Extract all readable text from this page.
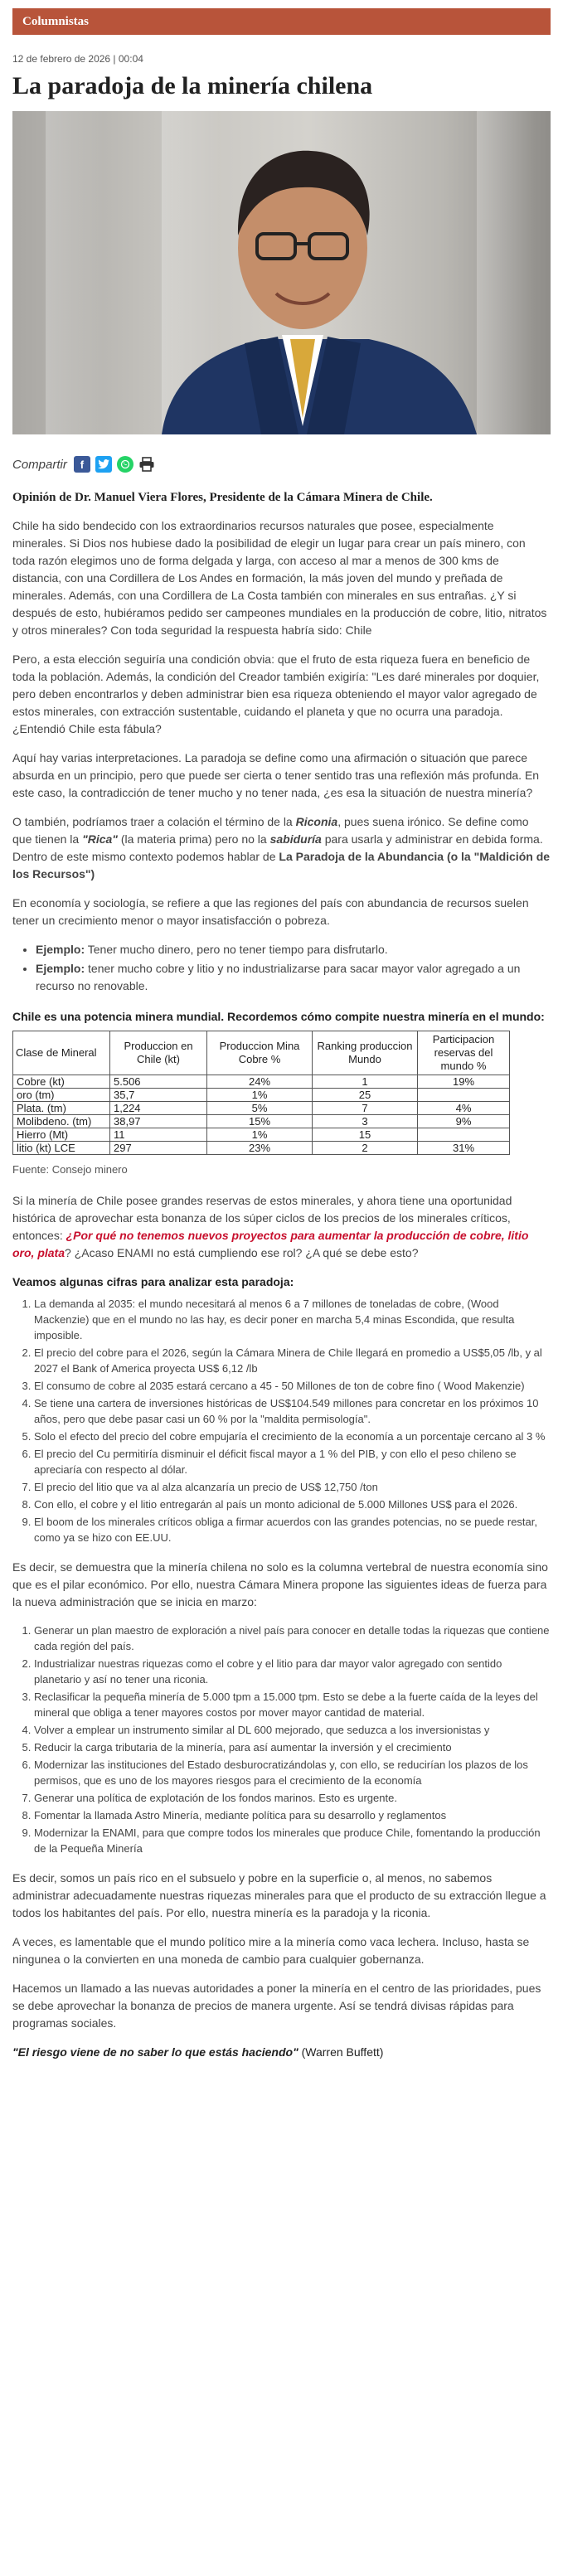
Columnistas
12 de febrero de 2026 | 00:04
La paradoja de la minería chilena
Compartir	f

Opinión de Dr. Manuel Viera Flores, Presidente de la Cámara Minera de Chile.

Chile ha sido bendecido con los extraordinarios recursos naturales que posee, especialmente minerales. Si Dios nos hubiese dado la posibilidad de elegir un lugar para crear un país minero, con toda razón elegimos uno de forma delgada y larga, con acceso al mar a menos de 300 kms de distancia, con una Cordillera de Los Andes en formación, la más joven del mundo y preñada de minerales. Además, con una Cordillera de La Costa también con minerales en sus entrañas. ¿Y si después de esto, hubiéramos pedido ser campeones mundiales en la producción de cobre, litio, nitratos y otros minerales? Con toda seguridad la respuesta habría sido: Chile

Pero, a esta elección seguiría una condición obvia: que el fruto de esta riqueza fuera en beneficio de toda la población. Además, la condición del Creador también exigiría: "Les daré minerales por doquier, pero deben encontrarlos y deben administrar bien esa riqueza obteniendo el mayor valor agregado de estos minerales, con extracción sustentable, cuidando el planeta y que no ocurra una paradoja. ¿Entendió Chile esta fábula?

Aquí hay varias interpretaciones. La paradoja se define como una afirmación o situación que parece absurda en un principio, pero que puede ser cierta o tener sentido tras una reflexión más profunda. En este caso, la contradicción de tener mucho y no tener nada, ¿es esa la situación de nuestra minería?

O también, podríamos traer a colación el término de la Riconia, pues suena irónico. Se define como que tienen la "Rica" (la materia prima) pero no la sabiduría para usarla y administrar en debida forma. Dentro de este mismo contexto podemos hablar de La Paradoja de la Abundancia (o la "Maldición de los Recursos")

En economía y sociología, se refiere a que las regiones del país con abundancia de recursos suelen tener un crecimiento menor o mayor insatisfacción o pobreza.

• Ejemplo: Tener mucho dinero, pero no tener tiempo para disfrutarlo.
• Ejemplo: tener mucho cobre y litio y no industrializarse para sacar mayor valor agregado a un recurso no renovable.
Chile es una potencia minera mundial. Recordemos cómo compite nuestra minería en el mundo:
Clase de Mineral	Produccion en Chile (kt)	Produccion Mina Cobre %	Ranking produccion Mundo	Participacion reservas del mundo %
Cobre (kt)	5.506	24%	1	19%
oro (tm)	35,7	1%	25	
Plata. (tm)	1,224	5%	7	4%
Molibdeno. (tm)	38,97	15%	3	9%
Hierro (Mt)	11	1%	15	
litio (kt) LCE	297	23%	2	31%
Fuente: Consejo minero

Si la minería de Chile posee grandes reservas de estos minerales, y ahora tiene una oportunidad histórica de aprovechar esta bonanza de los súper ciclos de los precios de los minerales críticos, entonces: ¿Por qué no tenemos nuevos proyectos para aumentar la producción de cobre, litio oro, plata? ¿Acaso ENAMI no está cumpliendo ese rol? ¿A qué se debe esto?

Veamos algunas cifras para analizar esta paradoja:
1. La demanda al 2035: el mundo necesitará al menos 6 a 7 millones de toneladas de cobre, (Wood Mackenzie) que en el mundo no las hay, es decir poner en marcha 5,4 minas Escondida, que resulta imposible.
2. El precio del cobre para el 2026, según la Cámara Minera de Chile llegará en promedio a US$5,05 /lb, y al 2027 el Bank of America proyecta US$ 6,12 /lb
3. El consumo de cobre al 2035 estará cercano a 45 - 50 Millones de ton de cobre fino ( Wood Makenzie)
4. Se tiene una cartera de inversiones históricas de US$104.549 millones para concretar en los próximos 10 años, pero que debe pasar casi un 60 % por la "maldita permisología".
5. Solo el efecto del precio del cobre empujaría el crecimiento de la economía a un porcentaje cercano al 3 %
6. El precio del Cu permitiría disminuir el déficit fiscal mayor a 1 % del PIB, y con ello el peso chileno se apreciaría con respecto al dólar.
7. El precio del litio que va al alza alcanzaría un precio de US$ 12,750 /ton
8. Con ello, el cobre y el litio entregarán al país un monto adicional de 5.000 Millones US$ para el 2026.
9. El boom de los minerales críticos obliga a firmar acuerdos con las grandes potencias, no se puede restar, como ya se hizo con EE.UU.

Es decir, se demuestra que la minería chilena no solo es la columna vertebral de nuestra economía sino que es el pilar económico. Por ello, nuestra Cámara Minera propone las siguientes ideas de fuerza para la nueva administración que se inicia en marzo:

1. Generar un plan maestro de exploración a nivel país para conocer en detalle todas la riquezas que contiene cada región del país.
2. Industrializar nuestras riquezas como el cobre y el litio para dar mayor valor agregado con sentido planetario y así no tener una riconia.
3. Reclasificar la pequeña minería de 5.000 tpm a 15.000 tpm. Esto se debe a la fuerte caída de la leyes del mineral que obliga a tener mayores costos por mover mayor cantidad de material.
4. Volver a emplear un instrumento similar al DL 600 mejorado, que seduzca a los inversionistas y
5. Reducir la carga tributaria de la minería, para así aumentar la inversión y el crecimiento
6. Modernizar las instituciones del Estado desburocratizándolas y, con ello, se reducirían los plazos de los permisos, que es uno de los mayores riesgos para el crecimiento de la economía
7. Generar una política de explotación de los fondos marinos. Esto es urgente.
8. Fomentar la llamada Astro Minería, mediante política para su desarrollo y reglamentos
9. Modernizar la ENAMI, para que compre todos los minerales que produce Chile, fomentando la producción de la Pequeña Minería

Es decir, somos un país rico en el subsuelo y pobre en la superficie o, al menos, no sabemos administrar adecuadamente nuestras riquezas minerales para que el producto de su extracción llegue a todos los habitantes del país. Por ello, nuestra minería es la paradoja y la riconia.

A veces, es lamentable que el mundo político mire a la minería como vaca lechera. Incluso, hasta se ningunea o la convierten en una moneda de cambio para cualquier gobernanza.

Hacemos un llamado a las nuevas autoridades a poner la minería en el centro de las prioridades, pues se debe aprovechar la bonanza de precios de manera urgente. Así se tendrá divisas rápidas para programas sociales.

"El riesgo viene de no saber lo que estás haciendo" (Warren Buffett)
